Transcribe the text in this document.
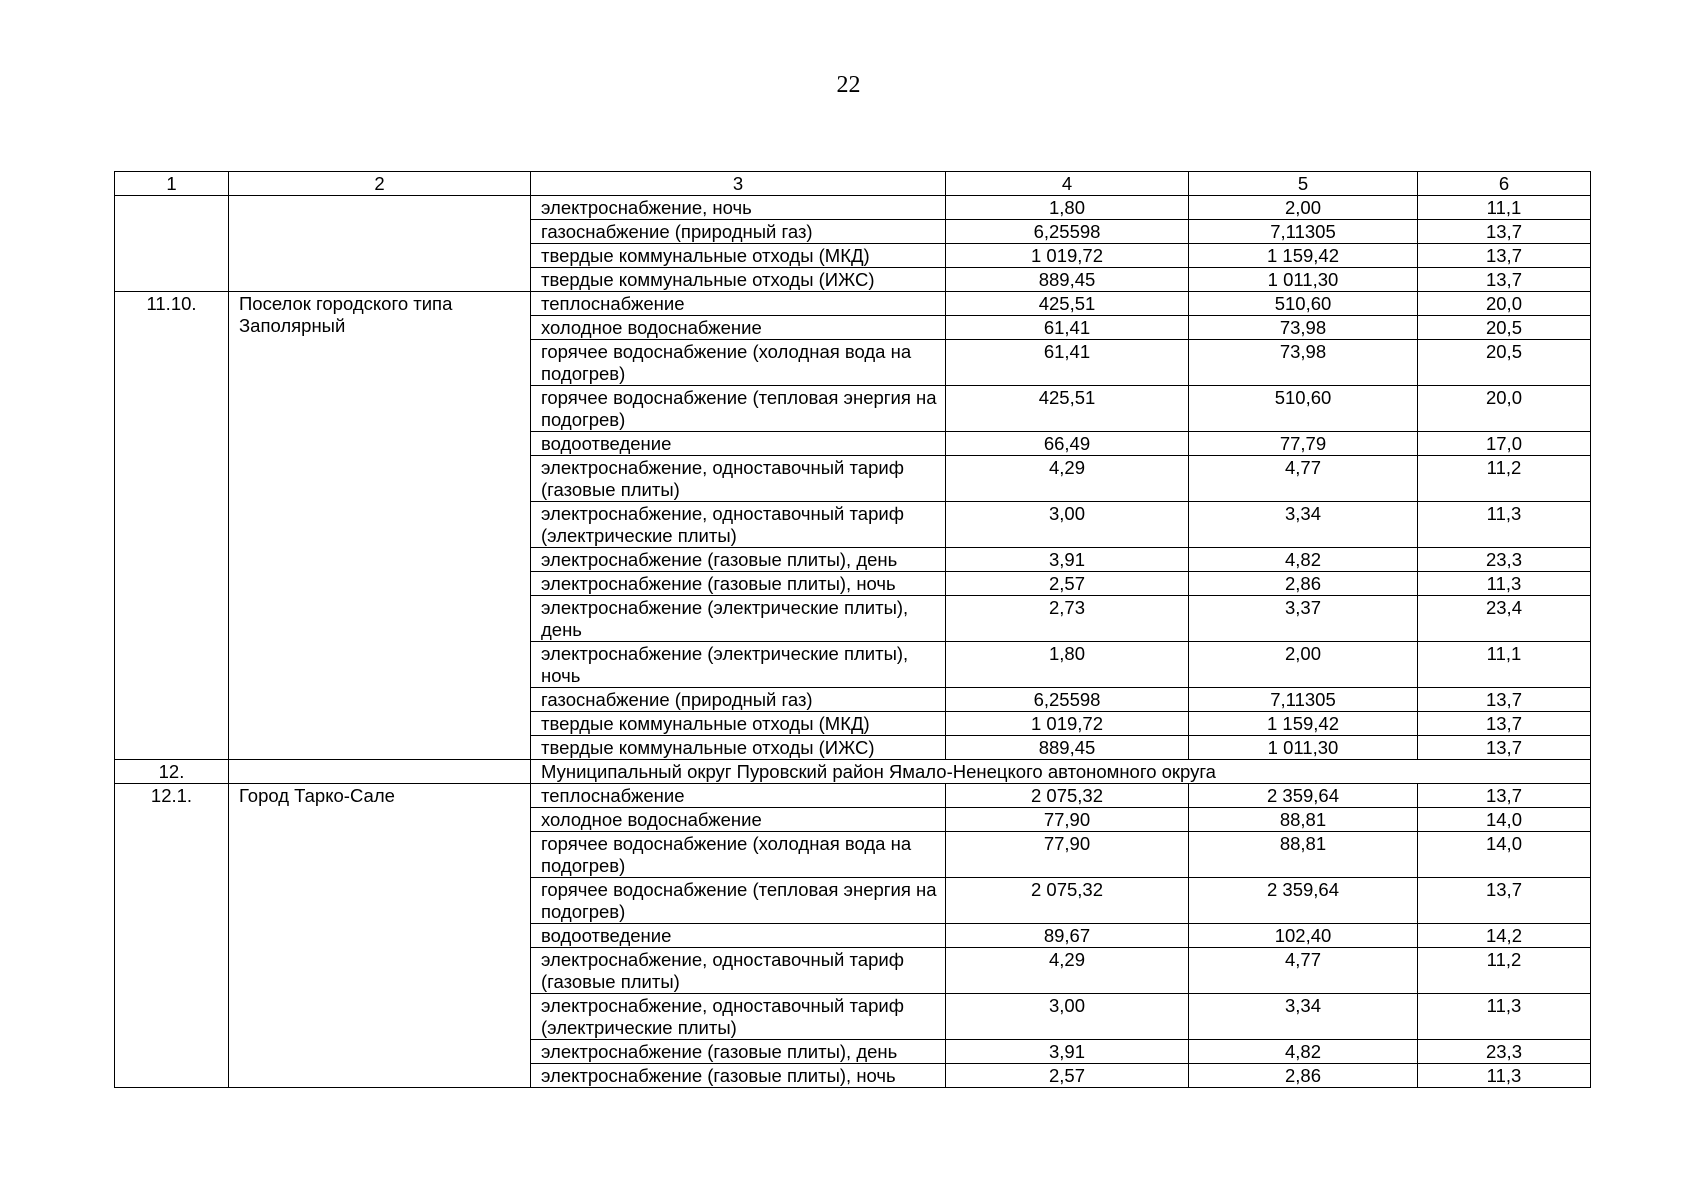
22
1	2	3	4	5	6
		электроснабжение, ночь	1,80	2,00	11,1
		газоснабжение (природный газ)	6,25598	7,11305	13,7
		твердые коммунальные отходы (МКД)	1 019,72	1 159,42	13,7
		твердые коммунальные отходы (ИЖС)	889,45	1 011,30	13,7
11.10.	Поселок городского типа Заполярный	теплоснабжение	425,51	510,60	20,0
		холодное водоснабжение	61,41	73,98	20,5
		горячее водоснабжение (холодная вода на подогрев)	61,41	73,98	20,5
		горячее водоснабжение (тепловая энергия на подогрев)	425,51	510,60	20,0
		водоотведение	66,49	77,79	17,0
		электроснабжение, одноставочный тариф (газовые плиты)	4,29	4,77	11,2
		электроснабжение, одноставочный тариф (электрические плиты)	3,00	3,34	11,3
		электроснабжение (газовые плиты), день	3,91	4,82	23,3
		электроснабжение (газовые плиты), ночь	2,57	2,86	11,3
		электроснабжение (электрические плиты), день	2,73	3,37	23,4
		электроснабжение (электрические плиты), ночь	1,80	2,00	11,1
		газоснабжение (природный газ)	6,25598	7,11305	13,7
		твердые коммунальные отходы (МКД)	1 019,72	1 159,42	13,7
		твердые коммунальные отходы (ИЖС)	889,45	1 011,30	13,7
12.		Муниципальный округ Пуровский район Ямало-Ненецкого автономного округа			
12.1.	Город Тарко-Сале	теплоснабжение	2 075,32	2 359,64	13,7
		холодное водоснабжение	77,90	88,81	14,0
		горячее водоснабжение (холодная вода на подогрев)	77,90	88,81	14,0
		горячее водоснабжение (тепловая энергия на подогрев)	2 075,32	2 359,64	13,7
		водоотведение	89,67	102,40	14,2
		электроснабжение, одноставочный тариф (газовые плиты)	4,29	4,77	11,2
		электроснабжение, одноставочный тариф (электрические плиты)	3,00	3,34	11,3
		электроснабжение (газовые плиты), день	3,91	4,82	23,3
		электроснабжение (газовые плиты), ночь	2,57	2,86	11,3
